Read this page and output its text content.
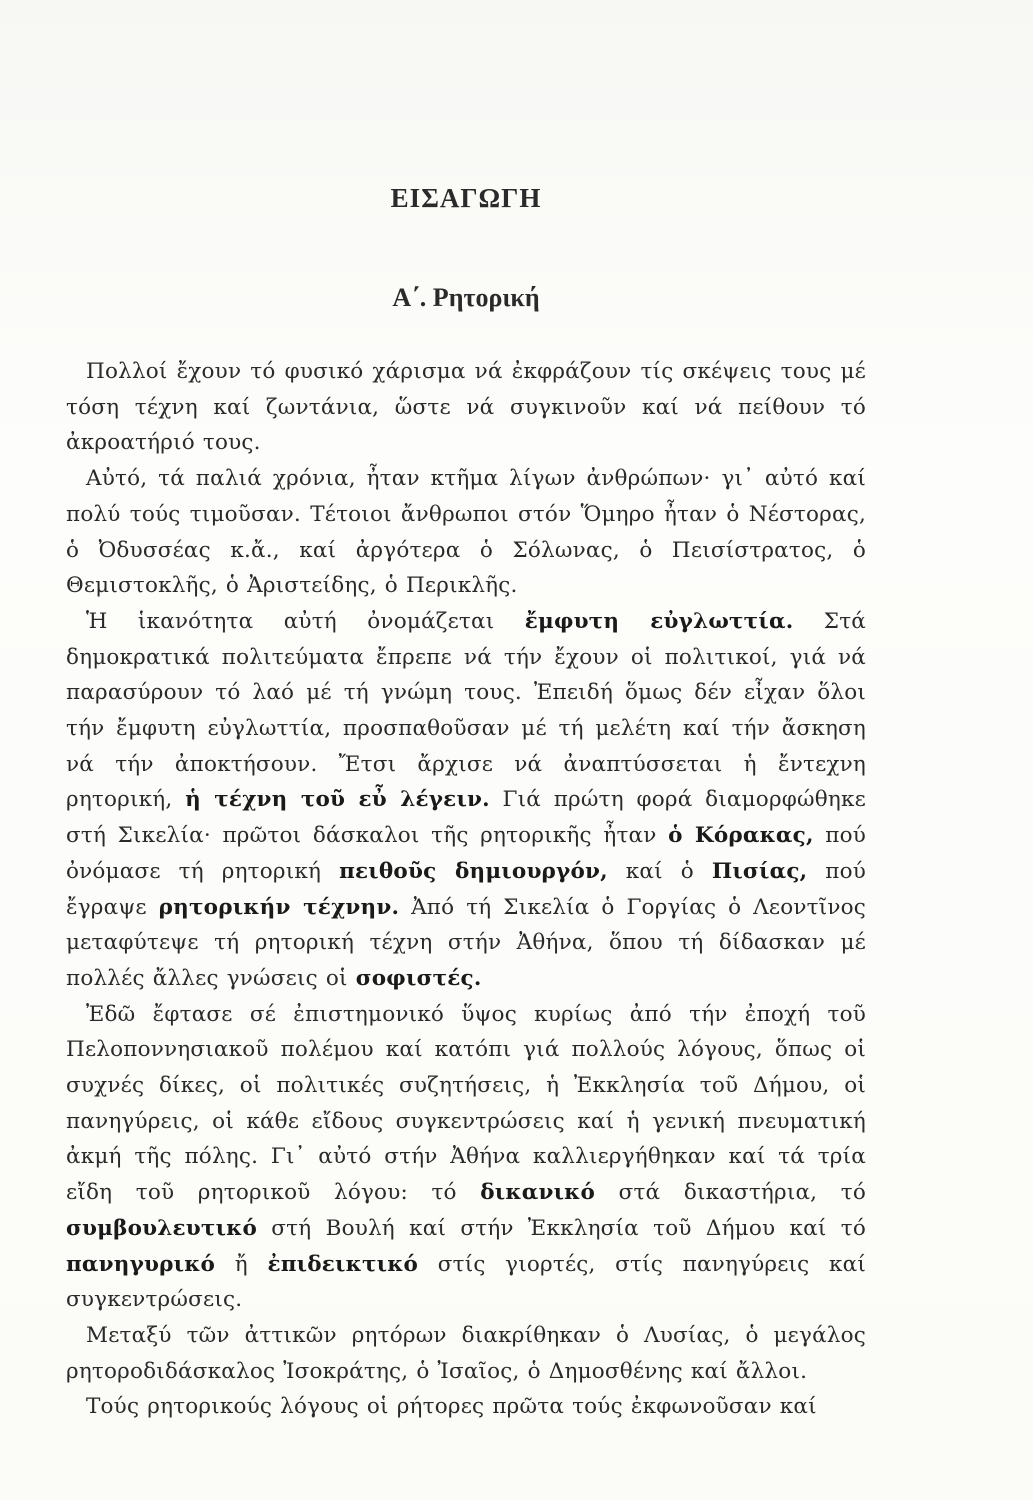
ΕΙΣΑΓΩΓΗ
Α΄. Ρητορική

Πολλοί ἔχουν τό φυσικό χάρισμα νά ἐκφράζουν τίς σκέψεις τους μέ τόση τέχνη καί ζωντάνια, ὥστε νά συγκινοῦν καί νά πείθουν τό ἀκροατήριό τους.

Αὐτό, τά παλιά χρόνια, ἦταν κτῆμα λίγων ἀνθρώπων· γι᾿ αὐτό καί πολύ τούς τιμοῦσαν. Τέτοιοι ἄνθρωποι στόν Ὅμηρο ἦταν ὁ Νέστορας, ὁ Ὀδυσσέας κ.ἄ., καί ἀργότερα ὁ Σόλωνας, ὁ Πεισίστρατος, ὁ Θεμιστοκλῆς, ὁ Ἀριστείδης, ὁ Περικλῆς.

Ἡ ἱκανότητα αὐτή ὀνομάζεται ἔμφυτη εὐγλωττία. Στά δημοκρατικά πολιτεύματα ἔπρεπε νά τήν ἔχουν οἱ πολιτικοί, γιά νά παρασύρουν τό λαό μέ τή γνώμη τους. Ἐπειδή ὅμως δέν εἶχαν ὅλοι τήν ἔμφυτη εὐγλωττία, προσπαθοῦσαν μέ τή μελέτη καί τήν ἄσκηση νά τήν ἀποκτήσουν. Ἔτσι ἄρχισε νά ἀναπτύσσεται ἡ ἔντεχνη ρητορική, ἡ τέχνη τοῦ εὖ λέγειν. Γιά πρώτη φορά διαμορφώθηκε στή Σικελία· πρῶτοι δάσκαλοι τῆς ρητορικῆς ἦταν ὁ Κόρακας, πού ὀνόμασε τή ρητορική πειθοῦς δημιουργόν, καί ὁ Πισίας, πού ἔγραψε ρητορικήν τέχνην. Ἀπό τή Σικελία ὁ Γοργίας ὁ Λεοντῖνος μεταφύτεψε τή ρητορική τέχνη στήν Ἀθήνα, ὅπου τή δίδασκαν μέ πολλές ἄλλες γνώσεις οἱ σοφιστές.

Ἐδῶ ἔφτασε σέ ἐπιστημονικό ὕψος κυρίως ἀπό τήν ἐποχή τοῦ Πελοποννησιακοῦ πολέμου καί κατόπι γιά πολλούς λόγους, ὅπως οἱ συχνές δίκες, οἱ πολιτικές συζητήσεις, ἡ Ἐκκλησία τοῦ Δήμου, οἱ πανηγύρεις, οἱ κάθε εἴδους συγκεντρώσεις καί ἡ γενική πνευματική ἀκμή τῆς πόλης. Γι᾿ αὐτό στήν Ἀθήνα καλλιεργήθηκαν καί τά τρία εἴδη τοῦ ρητορικοῦ λόγου: τό δικανικό στά δικαστήρια, τό συμβουλευτικό στή Βουλή καί στήν Ἐκκλησία τοῦ Δήμου καί τό πανηγυρικό ἤ ἐπιδεικτικό στίς γιορτές, στίς πανηγύρεις καί συγκεντρώσεις.

Μεταξύ τῶν ἀττικῶν ρητόρων διακρίθηκαν ὁ Λυσίας, ὁ μεγάλος ρητοροδιδάσκαλος Ἰσοκράτης, ὁ Ἰσαῖος, ὁ Δημοσθένης καί ἄλλοι.

Τούς ρητορικούς λόγους οἱ ρήτορες πρῶτα τούς ἐκφωνοῦσαν καί
